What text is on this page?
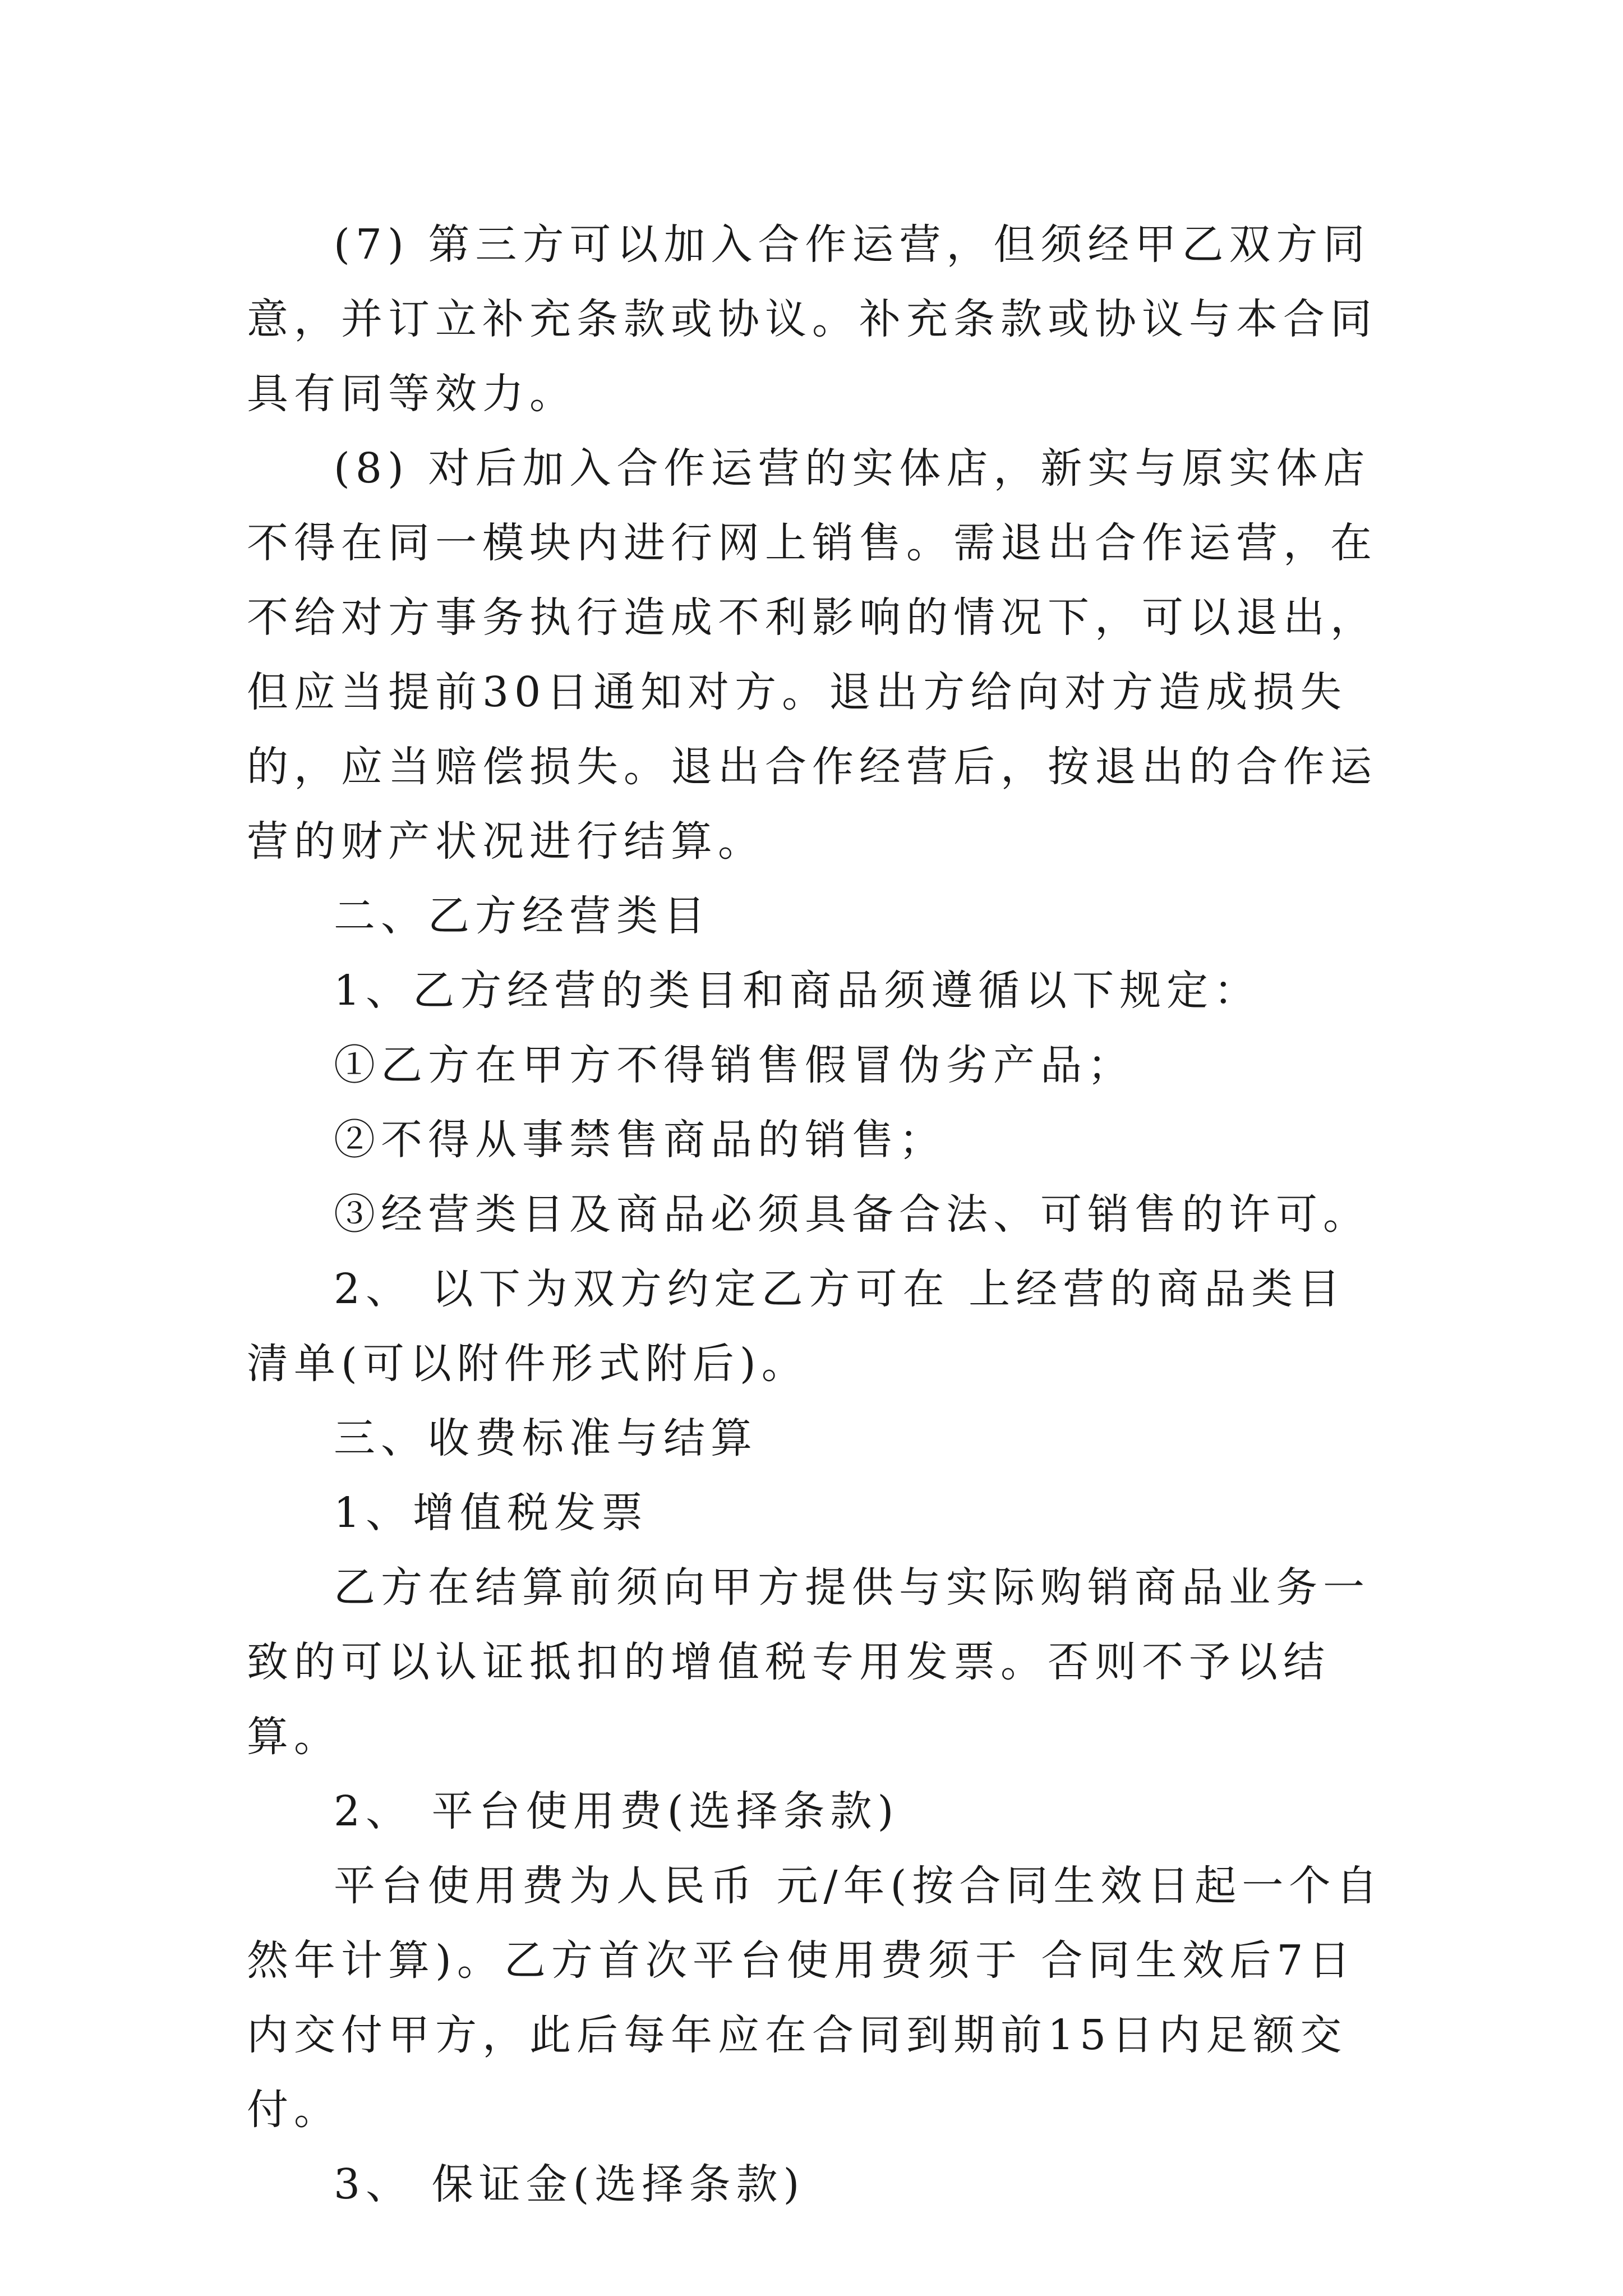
(7) 第三方可以加入合作运营，但须经甲乙双方同意，并订立补充条款或协议。补充条款或协议与本合同具有同等效力。

(8) 对后加入合作运营的实体店，新实与原实体店不得在同一模块内进行网上销售。需退出合作运营，在不给对方事务执行造成不利影响的情况下，可以退出，但应当提前30日通知对方。退出方给向对方造成损失的，应当赔偿损失。退出合作经营后，按退出的合作运营的财产状况进行结算。

二、乙方经营类目

1、乙方经营的类目和商品须遵循以下规定：

①乙方在甲方不得销售假冒伪劣产品；

②不得从事禁售商品的销售；

③经营类目及商品必须具备合法、可销售的许可。

2、 以下为双方约定乙方可在 上经营的商品类目清单(可以附件形式附后)。

三、收费标准与结算

1、增值税发票

乙方在结算前须向甲方提供与实际购销商品业务一致的可以认证抵扣的增值税专用发票。否则不予以结算。

2、 平台使用费(选择条款)

平台使用费为人民币 元/年(按合同生效日起一个自然年计算)。乙方首次平台使用费须于 合同生效后7日内交付甲方，此后每年应在合同到期前15日内足额交付。

3、 保证金(选择条款)
